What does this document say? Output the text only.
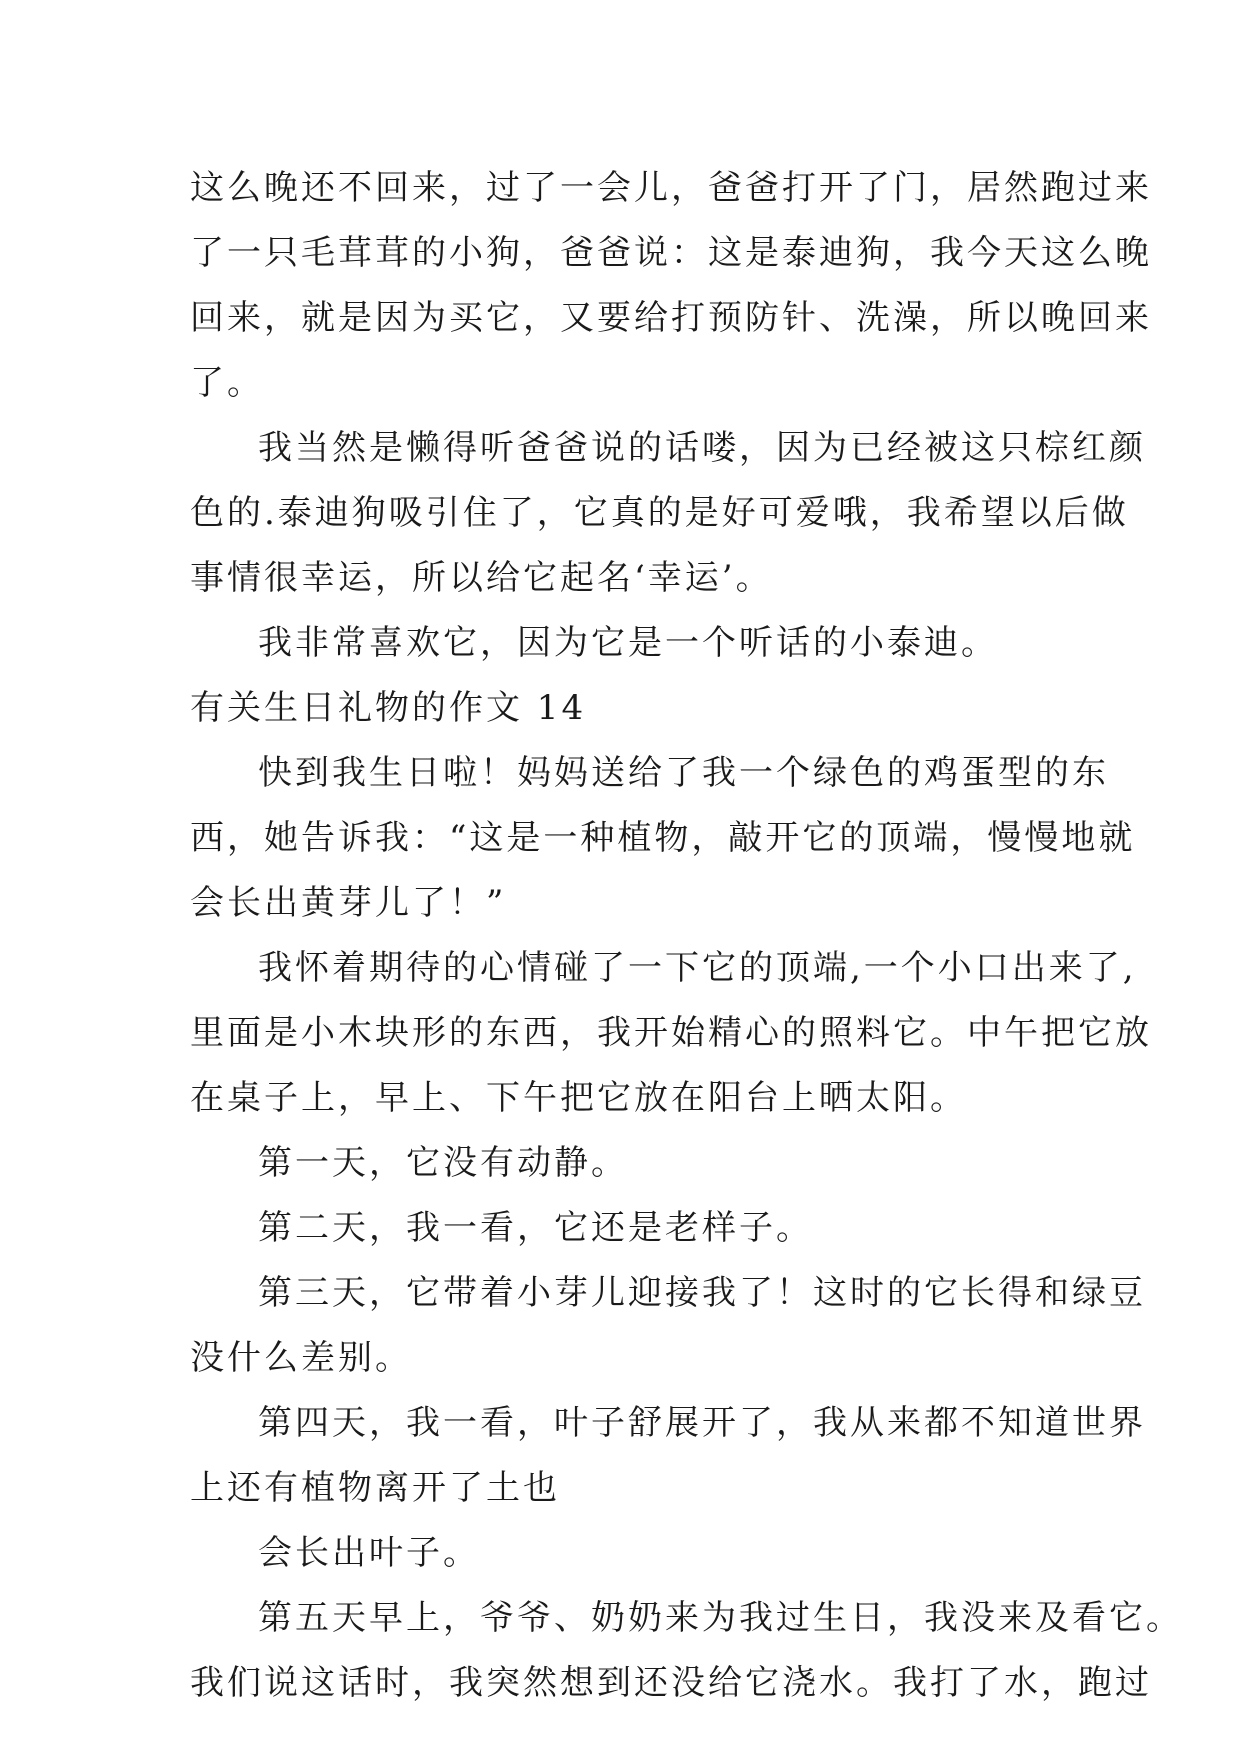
这么晚还不回来，过了一会儿，爸爸打开了门，居然跑过来
了一只毛茸茸的小狗，爸爸说：这是泰迪狗，我今天这么晚
回来，就是因为买它，又要给打预防针、洗澡，所以晚回来
了。
我当然是懒得听爸爸说的话喽，因为已经被这只棕红颜
色的.泰迪狗吸引住了，它真的是好可爱哦，我希望以后做
事情很幸运，所以给它起名‘幸运’。
我非常喜欢它，因为它是一个听话的小泰迪。
有关生日礼物的作文 14
快到我生日啦！妈妈送给了我一个绿色的鸡蛋型的东
西，她告诉我：“这是一种植物，敲开它的顶端，慢慢地就
会长出黄芽儿了！”
我怀着期待的心情碰了一下它的顶端,一个小口出来了,
里面是小木块形的东西，我开始精心的照料它。中午把它放
在桌子上，早上、下午把它放在阳台上晒太阳。
第一天，它没有动静。
第二天，我一看，它还是老样子。
第三天，它带着小芽儿迎接我了！这时的它长得和绿豆
没什么差别。
第四天，我一看，叶子舒展开了，我从来都不知道世界
上还有植物离开了土也
会长出叶子。
第五天早上，爷爷、奶奶来为我过生日，我没来及看它。
我们说这话时，我突然想到还没给它浇水。我打了水，跑过
